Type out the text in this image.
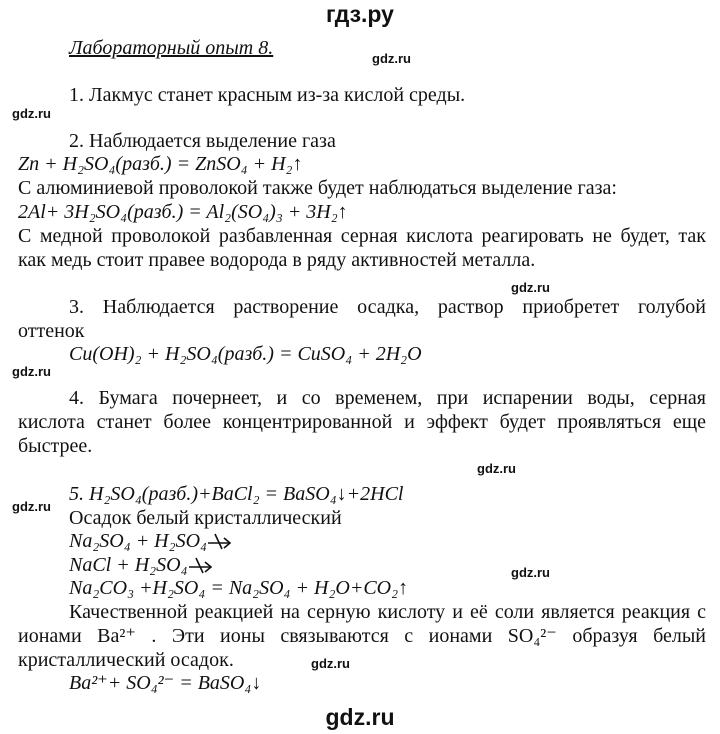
гдз.ру
Лабораторный опыт 8.	gdz.ru
1. Лакмус станет красным из-за кислой среды.
gdz.ru
2. Наблюдается выделение газа
Zn + H₂SO₄(разб.) = ZnSO₄ + H₂↑
С алюминиевой проволокой также будет наблюдаться выделение газа:
2Al+ 3H₂SO₄(разб.) = Al₂(SO₄)₃ + 3H₂↑
С медной проволокой разбавленная серная кислота реагировать не будет, так
как медь стоит правее водорода в ряду активностей металла.
gdz.ru
3. Наблюдается растворение осадка, раствор приобретет голубой
оттенок
Cu(OH)₂ + H₂SO₄(разб.) = CuSO₄ + 2H₂O
gdz.ru
4. Бумага почернеет, и со временем, при испарении воды, серная
кислота станет более концентрированной и эффект будет проявляться еще
быстрее.
gdz.ru
gdz.ru
5. H₂SO₄(разб.)+BaCl₂ = BaSO₄↓+2HCl
Осадок белый кристаллический
Na₂SO₄ + H₂SO₄
NaCl + H₂SO₄
Na₂CO₃ +H₂SO₄ = Na₂SO₄ + H₂O+CO₂↑
gdz.ru
Качественной реакцией на серную кислоту и её соли является реакция с
ионами Ba²⁺ . Эти ионы связываются с ионами SO₄²⁻ образуя белый
кристаллический осадок.	gdz.ru
Ba²⁺+ SO₄²⁻ = BaSO₄↓
gdz.ru
